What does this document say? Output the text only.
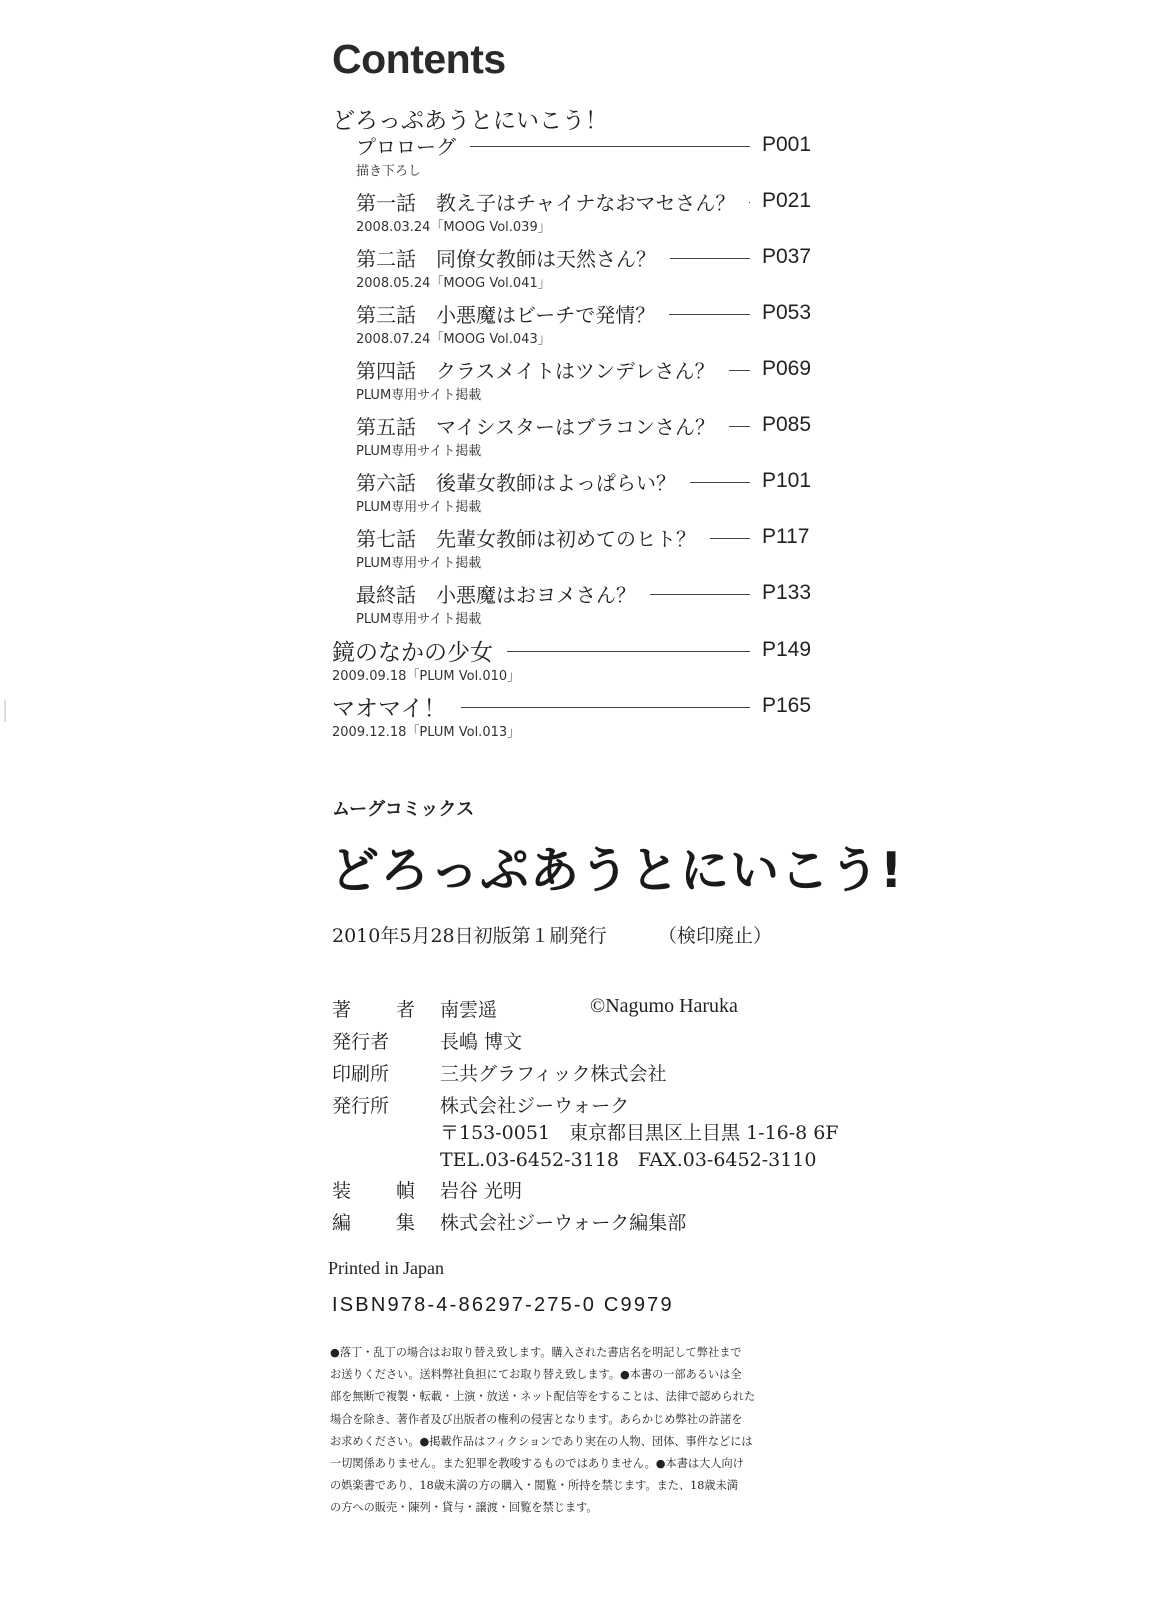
Contents
どろっぷあうとにいこう！
プロローグ	P001
描き下ろし
第一話　教え子はチャイナなおマセさん？ P021
2008.03.24「MOOG Vol.039」
第二話　同僚女教師は天然さん？	P037
2008.05.24「MOOG Vol.041」
第三話　小悪魔はビーチで発情？	P053
2008.07.24「MOOG Vol.043」
第四話　クラスメイトはツンデレさん？ P069
PLUM専用サイト掲載
第五話　マイシスターはブラコンさん？ P085
PLUM専用サイト掲載
第六話　後輩女教師はよっぱらい？	P101
PLUM専用サイト掲載
第七話　先輩女教師は初めてのヒト？	P117
PLUM専用サイト掲載
最終話　小悪魔はおヨメさん？	P133
PLUM専用サイト掲載
鏡のなかの少女	P149
2009.09.18「PLUM Vol.010」
マオマイ！	P165
2009.12.18「PLUM Vol.013」
ムーグコミックス
どろっぷあうとにいこう!
2010年5月28日初版第１刷発行	（検印廃止）
著　者 南雲遥	©Nagumo Haruka
発行者	長嶋 博文
印刷所	三共グラフィック株式会社
発行所	株式会社ジーウォーク
〒153-0051　東京都目黒区上目黒 1-16-8 6F
TEL.03-6452-3118　FAX.03-6452-3110
装　幀 岩谷 光明
編　集 株式会社ジーウォーク編集部
Printed in Japan
ISBN978-4-86297-275-0 C9979
●落丁・乱丁の場合はお取り替え致します。購入された書店名を明記して弊社まで
お送りください。送料弊社負担にてお取り替え致します。●本書の一部あるいは全
部を無断で複製・転載・上演・放送・ネット配信等をすることは、法律で認められた
場合を除き、著作者及び出版者の権利の侵害となります。あらかじめ弊社の許諾を
お求めください。●掲載作品はフィクションであり実在の人物、団体、事件などには
一切関係ありません。また犯罪を教唆するものではありません。●本書は大人向け
の娯楽書であり、18歳未満の方の購入・閲覧・所持を禁じます。また、18歳未満
の方への販売・陳列・貸与・譲渡・回覧を禁じます。
